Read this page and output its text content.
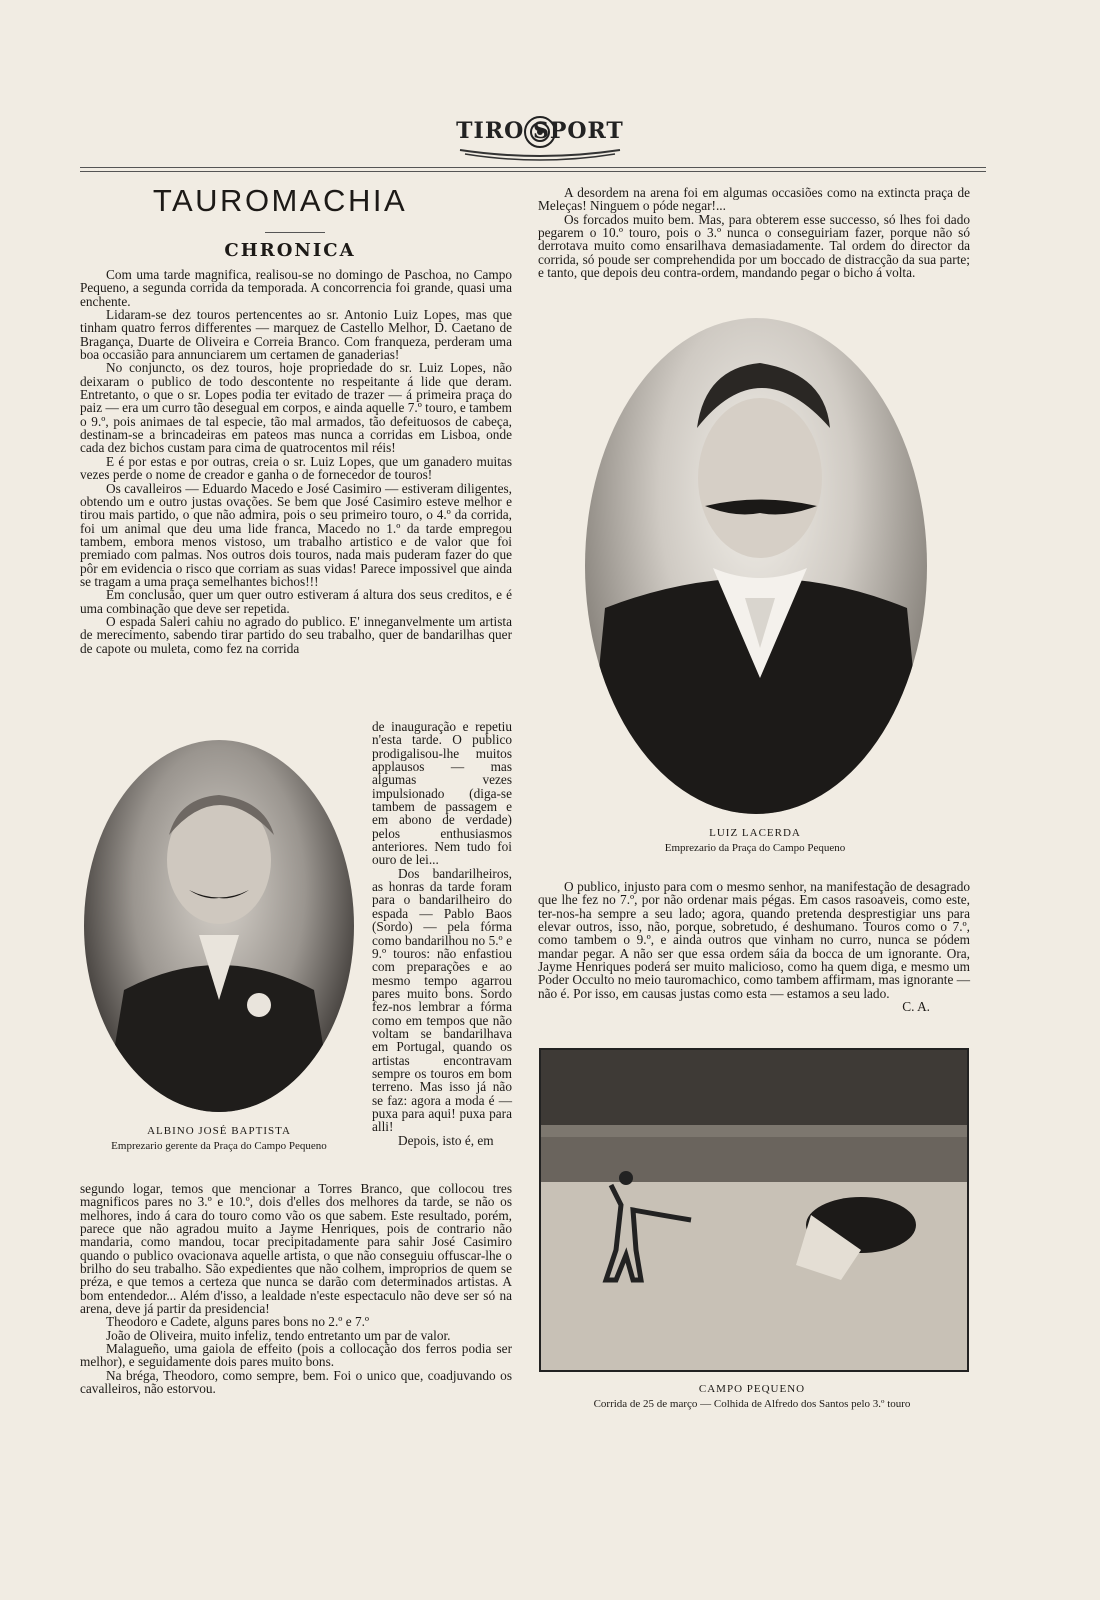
TIRO SPORT
TAUROMACHIA
CHRONICA

Com uma tarde magnifica, realisou-se no domingo de Paschoa, no Campo Pequeno, a segunda corrida da temporada. A concorrencia foi grande, quasi uma enchente.

Lidaram-se dez touros pertencentes ao sr. Antonio Luiz Lopes, mas que tinham quatro ferros differentes — marquez de Castello Melhor, D. Caetano de Bragança, Duarte de Oliveira e Correia Branco. Com franqueza, perderam uma boa occasião para annunciarem um certamen de ganaderias!

No conjuncto, os dez touros, hoje propriedade do sr. Luiz Lopes, não deixaram o publico de todo descontente no respeitante á lide que deram. Entretanto, o que o sr. Lopes podia ter evitado de trazer — á primeira praça do paiz — era um curro tão desegual em corpos, e ainda aquelle 7.º touro, e tambem o 9.º, pois animaes de tal especie, tão mal armados, tão defeituosos de cabeça, destinam-se a brincadeiras em pateos mas nunca a corridas em Lisboa, onde cada dez bichos custam para cima de quatrocentos mil réis!

E é por estas e por outras, creia o sr. Luiz Lopes, que um ganadero muitas vezes perde o nome de creador e ganha o de fornecedor de touros!

Os cavalleiros — Eduardo Macedo e José Casimiro — estiveram diligentes, obtendo um e outro justas ovações. Se bem que José Casimiro esteve melhor e tirou mais partido, o que não admira, pois o seu primeiro touro, o 4.º da corrida, foi um animal que deu uma lide franca, Macedo no 1.º da tarde empregou tambem, embora menos vistoso, um trabalho artistico e de valor que foi premiado com palmas. Nos outros dois touros, nada mais puderam fazer do que pôr em evidencia o risco que corriam as suas vidas! Parece impossivel que ainda se tragam a uma praça semelhantes bichos!!!

Em conclusão, quer um quer outro estiveram á altura dos seus creditos, e é uma combinação que deve ser repetida.

O espada Saleri cahiu no agrado do publico. E' inneganvelmente um artista de merecimento, sabendo tirar partido do seu trabalho, quer de bandarilhas quer de capote ou muleta, como fez na corrida

ALBINO JOSÉ BAPTISTA
Emprezario gerente da Praça do Campo Pequeno

de inauguração e repetiu n'esta tarde. O publico prodigalisou-lhe muitos applausos — mas algumas vezes impulsionado (diga-se tambem de passagem e em abono de verdade) pelos enthusiasmos anteriores. Nem tudo foi ouro de lei...

Dos bandarilheiros, as honras da tarde foram para o bandarilheiro do espada — Pablo Baos (Sordo) — pela fórma como bandarilhou no 5.º e 9.º touros: não enfastiou com preparações e ao mesmo tempo agarrou pares muito bons. Sordo fez-nos lembrar a fórma como em tempos que não voltam se bandarilhava em Portugal, quando os artistas encontravam sempre os touros em bom terreno. Mas isso já não se faz: agora a moda é — puxa para aqui! puxa para alli!

Depois, isto é, em

segundo logar, temos que mencionar a Torres Branco, que collocou tres magnificos pares no 3.º e 10.º, dois d'elles dos melhores da tarde, se não os melhores, indo á cara do touro como vão os que sabem. Este resultado, porém, parece que não agradou muito a Jayme Henriques, pois de contrario não mandaria, como mandou, tocar precipitadamente para sahir José Casimiro quando o publico ovacionava aquelle artista, o que não conseguiu offuscar-lhe o brilho do seu trabalho. São expedientes que não colhem, improprios de quem se préza, e que temos a certeza que nunca se darão com determinados artistas. A bom entendedor... Além d'isso, a lealdade n'este espectaculo não deve ser só na arena, deve já partir da presidencia!

Theodoro e Cadete, alguns pares bons no 2.º e 7.º

João de Oliveira, muito infeliz, tendo entretanto um par de valor.

Malagueño, uma gaiola de effeito (pois a collocação dos ferros podia ser melhor), e seguidamente dois pares muito bons.

Na bréga, Theodoro, como sempre, bem. Foi o unico que, coadjuvando os cavalleiros, não estorvou.

A desordem na arena foi em algumas occasiões como na extincta praça de Meleças! Ninguem o póde negar!...

Os forcados muito bem. Mas, para obterem esse successo, só lhes foi dado pegarem o 10.º touro, pois o 3.º nunca o conseguiriam fazer, porque não só derrotava muito como ensarilhava demasiadamente. Tal ordem do director da corrida, só poude ser comprehendida por um boccado de distracção da sua parte; e tanto, que depois deu contra-ordem, mandando pegar o bicho á volta.

LUIZ LACERDA
Emprezario da Praça do Campo Pequeno

O publico, injusto para com o mesmo senhor, na manifestação de desagrado que lhe fez no 7.º, por não ordenar mais pégas. Em casos rasoaveis, como este, ter-nos-ha sempre a seu lado; agora, quando pretenda desprestigiar uns para elevar outros, isso, não, porque, sobretudo, é deshumano. Touros como o 7.º, como tambem o 9.º, e ainda outros que vinham no curro, nunca se pódem mandar pegar. A não ser que essa ordem sáia da bocca de um ignorante. Ora, Jayme Henriques poderá ser muito malicioso, como ha quem diga, e mesmo um Poder Occulto no meio tauromachico, como tambem affirmam, mas ignorante — não é. Por isso, em causas justas como esta — estamos a seu lado.

C. A.

CAMPO PEQUENO
Corrida de 25 de março — Colhida de Alfredo dos Santos pelo 3.º touro
